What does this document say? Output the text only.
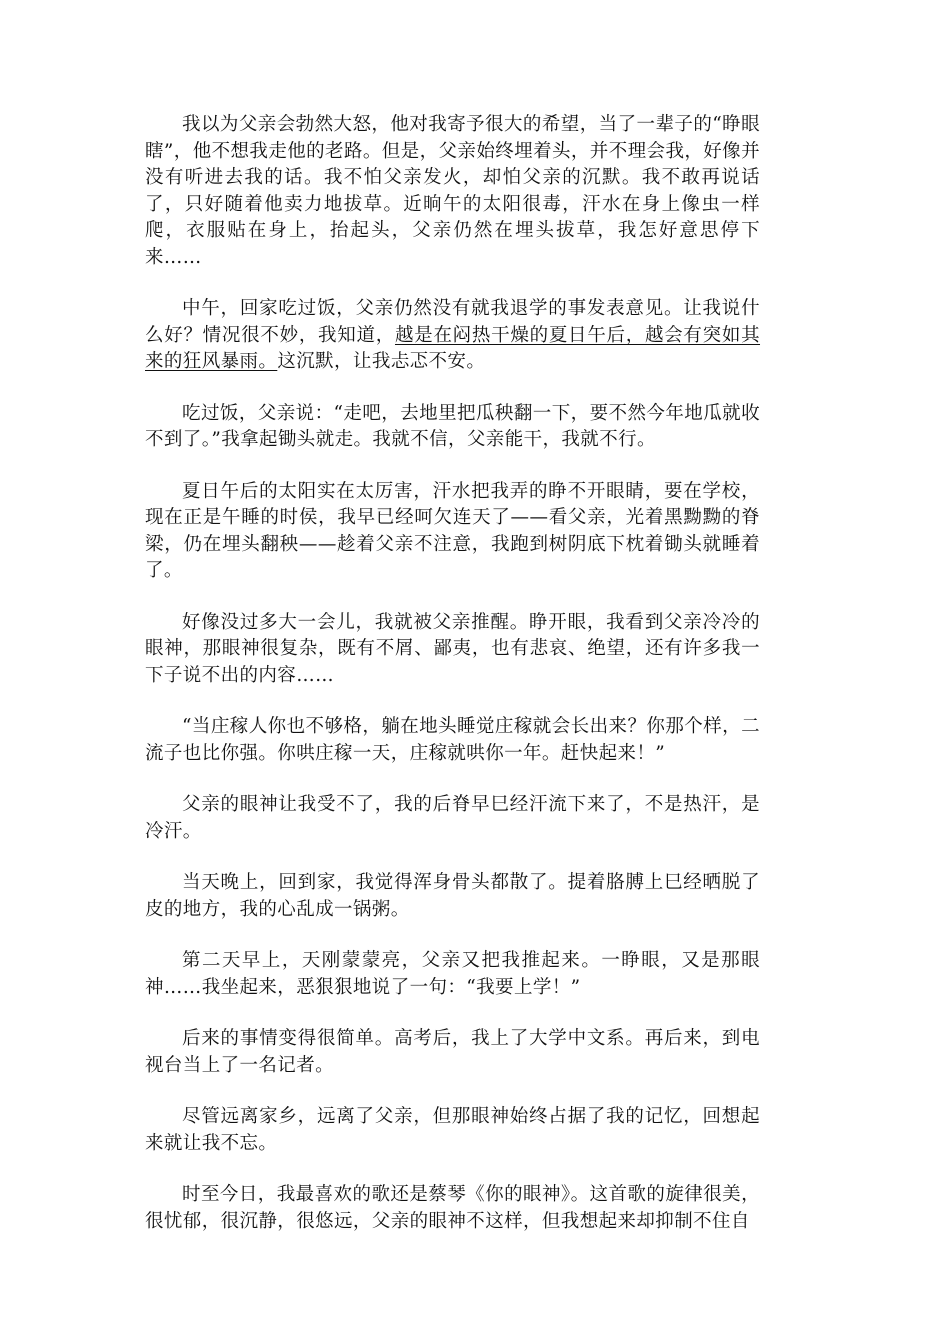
我以为父亲会勃然大怒，他对我寄予很大的希望，当了一辈子的“睁眼瞎”，他不想我走他的老路。但是，父亲始终埋着头，并不理会我，好像并没有听进去我的话。我不怕父亲发火，却怕父亲的沉默。我不敢再说话了，只好随着他卖力地拔草。近晌午的太阳很毒，汗水在身上像虫一样爬，衣服贴在身上，抬起头，父亲仍然在埋头拔草，我怎好意思停下来……

中午，回家吃过饭，父亲仍然没有就我退学的事发表意见。让我说什么好？情况很不妙，我知道，越是在闷热干燥的夏日午后，越会有突如其来的狂风暴雨。这沉默，让我忐忑不安。

吃过饭，父亲说：“走吧，去地里把瓜秧翻一下，要不然今年地瓜就收不到了。”我拿起锄头就走。我就不信，父亲能干，我就不行。

夏日午后的太阳实在太厉害，汗水把我弄的睁不开眼睛，要在学校，现在正是午睡的时侯，我早已经呵欠连天了——看父亲，光着黑黝黝的脊梁，仍在埋头翻秧——趁着父亲不注意，我跑到树阴底下枕着锄头就睡着了。

好像没过多大一会儿，我就被父亲推醒。睁开眼，我看到父亲冷冷的眼神，那眼神很复杂，既有不屑、鄙夷，也有悲哀、绝望，还有许多我一下子说不出的内容……

“当庄稼人你也不够格，躺在地头睡觉庄稼就会长出来？你那个样，二流子也比你强。你哄庄稼一天，庄稼就哄你一年。赶快起来！”

父亲的眼神让我受不了，我的后脊早巳经汗流下来了，不是热汗，是冷汗。

当天晚上，回到家，我觉得浑身骨头都散了。提着胳膊上巳经晒脱了皮的地方，我的心乱成一锅粥。

第二天早上，天刚蒙蒙亮，父亲又把我推起来。一睁眼，又是那眼神……我坐起来，恶狠狠地说了一句：“我要上学！”

后来的事情变得很简单。高考后，我上了大学中文系。再后来，到电视台当上了一名记者。

尽管远离家乡，远离了父亲，但那眼神始终占据了我的记忆，回想起来就让我不忘。

时至今日，我最喜欢的歌还是蔡琴《你的眼神》。这首歌的旋律很美，很忧郁，很沉静，很悠远，父亲的眼神不这样，但我想起来却抑制不住自
